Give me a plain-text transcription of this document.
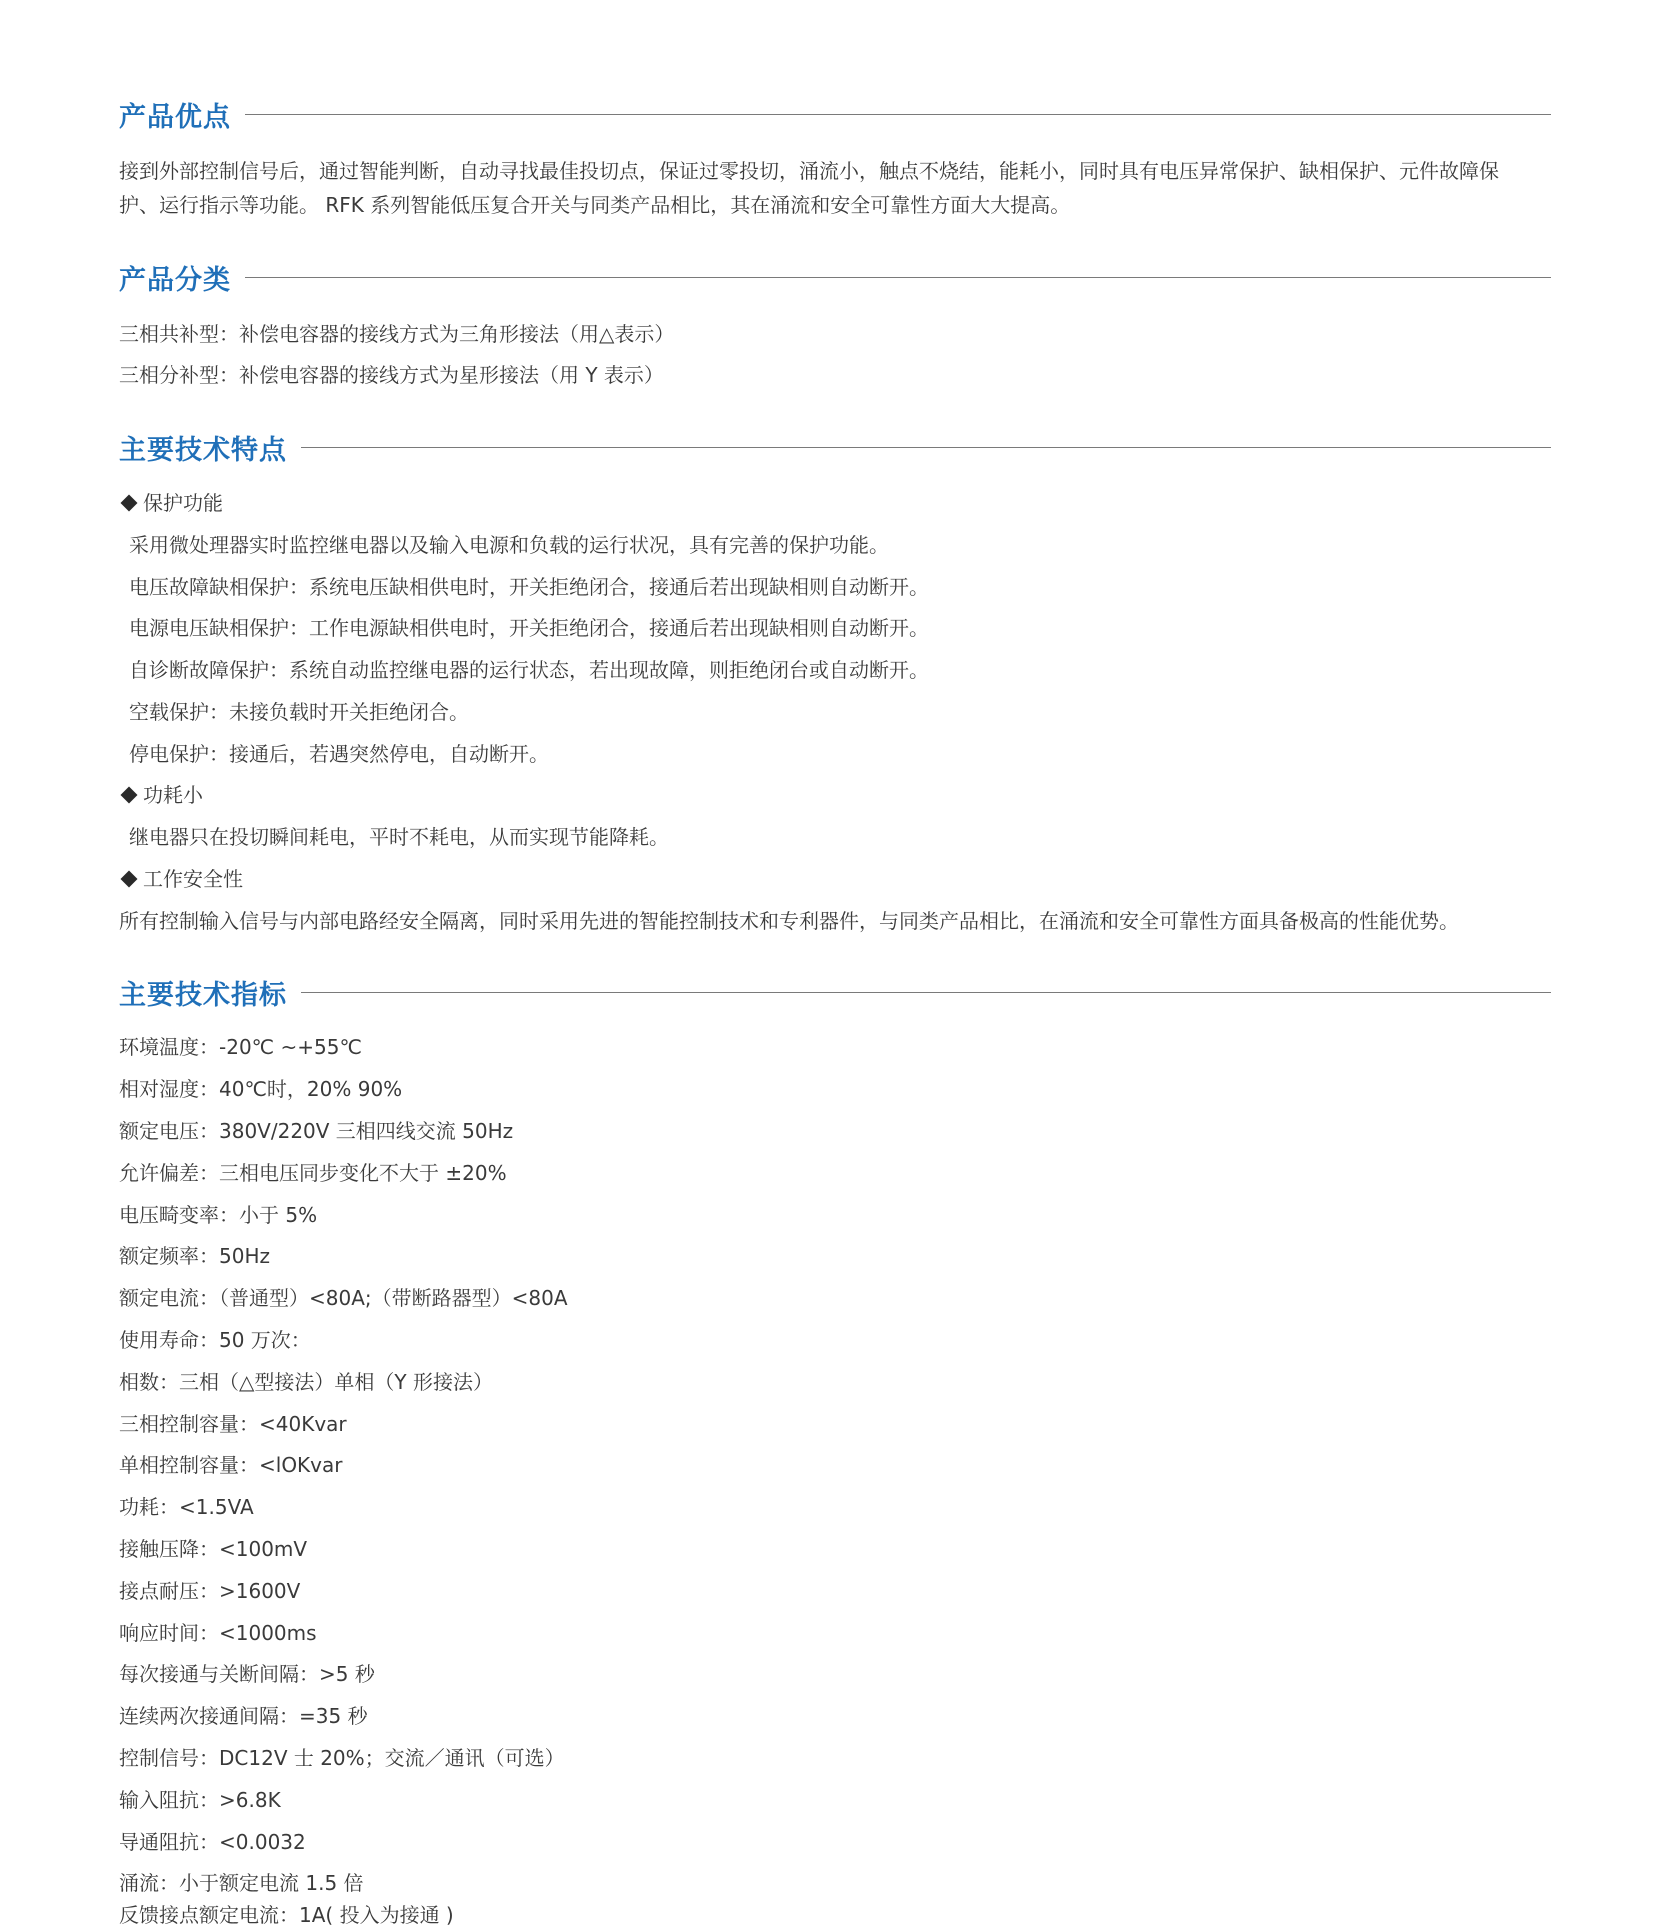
产品优点

接到外部控制信号后，通过智能判断，自动寻找最佳投切点，保证过零投切，涌流小，触点不烧结，能耗小，同时具有电压异常保护、缺相保护、元件故障保护、运行指示等功能。 RFK 系列智能低压复合开关与同类产品相比，其在涌流和安全可靠性方面大大提高。

产品分类
三相共补型：补偿电容器的接线方式为三角形接法（用△表示）
三相分补型：补偿电容器的接线方式为星形接法（用 Y 表示）
主要技术特点
保护功能
采用微处理器实时监控继电器以及输入电源和负载的运行状况，具有完善的保护功能。
电压故障缺相保护：系统电压缺相供电时，开关拒绝闭合，接通后若出现缺相则自动断开。
电源电压缺相保护：工作电源缺相供电时，开关拒绝闭合，接通后若出现缺相则自动断开。
自诊断故障保护：系统自动监控继电器的运行状态，若出现故障，则拒绝闭台或自动断开。
空载保护：未接负载时开关拒绝闭合。
停电保护：接通后，若遇突然停电，自动断开。
功耗小
继电器只在投切瞬间耗电，平时不耗电，从而实现节能降耗。
工作安全性
所有控制输入信号与内部电路经安全隔离，同时采用先进的智能控制技术和专利器件，与同类产品相比，在涌流和安全可靠性方面具备极高的性能优势。
主要技术指标
环境温度：-20℃ ~+55℃
相对湿度：40℃时，20% 90%
额定电压：380V/220V 三相四线交流 50Hz
允许偏差：三相电压同步变化不大于 ±20%
电压畸变率：小于 5%
额定频率：50Hz
额定电流：（普通型）<80A;（带断路器型）<80A
使用寿命：50 万次：
相数：三相（△型接法）单相（Y 形接法）
三相控制容量：<40Kvar
单相控制容量：<lOKvar
功耗：<1.5VA
接触压降：<100mV
接点耐压：>1600V
响应时间：<1000ms
每次接通与关断间隔：>5 秒
连续两次接通间隔：=35 秒
控制信号：DC12V 士 20%；交流／通讯（可选）
输入阻抗：>6.8K
导通阻抗：<0.0032
涌流：小于额定电流 1.5 倍
反馈接点额定电流：1A( 投入为接通 )
